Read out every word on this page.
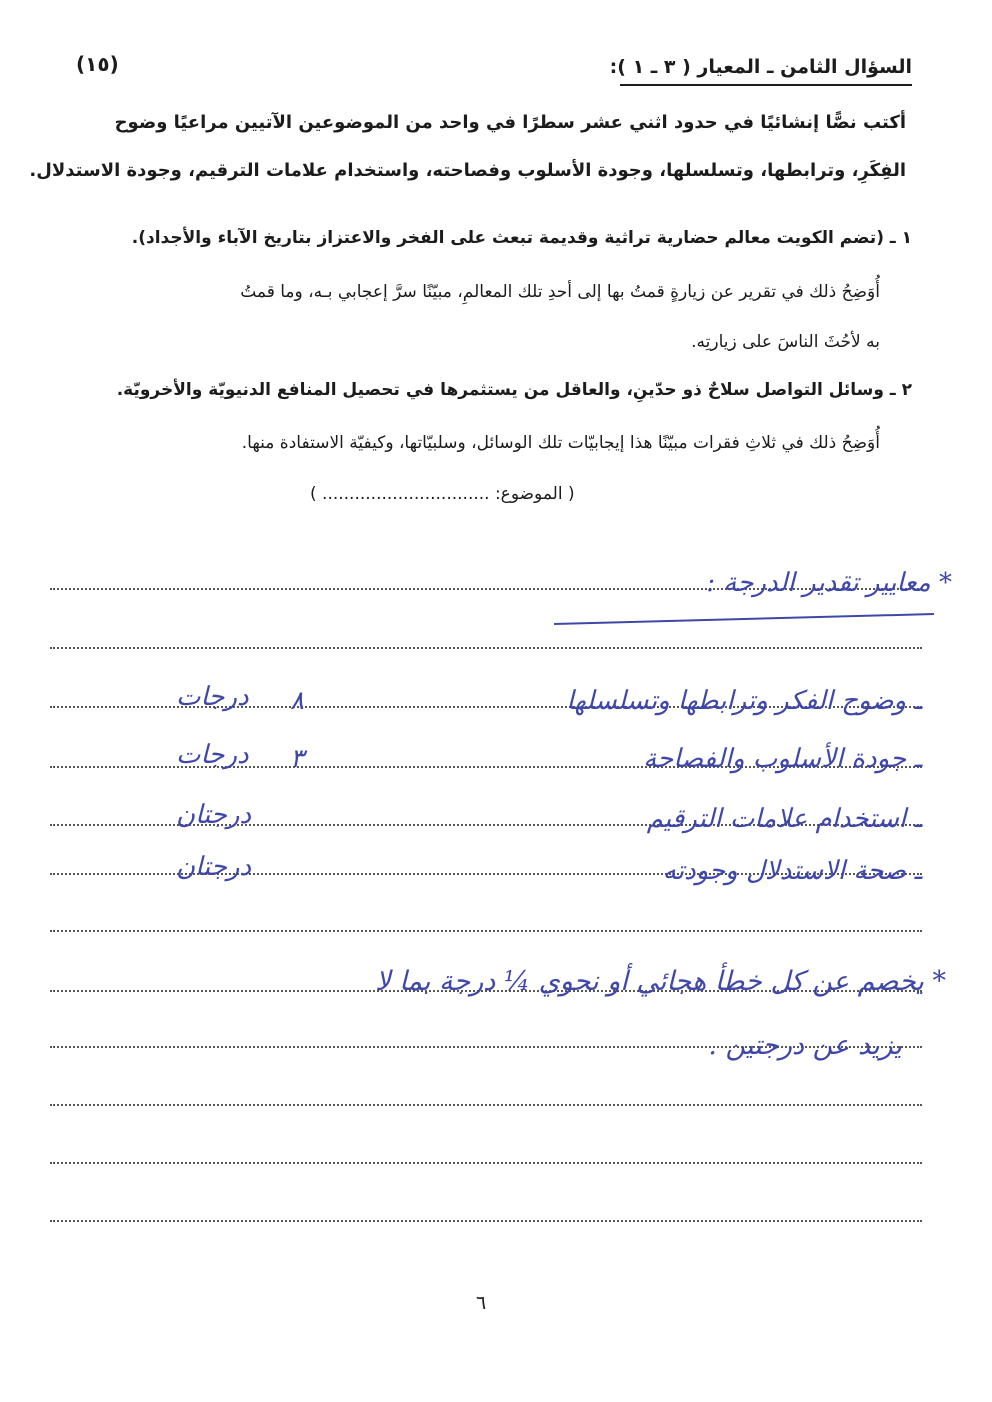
السؤال الثامن ـ المعيار ( ٣ ـ ١ ):
(١٥)
أكتب نصًّا إنشائيًا في حدود اثني عشر سطرًا في واحد من الموضوعين الآتيين مراعيًا وضوح
الفِكَرِ، وترابطها، وتسلسلها، وجودة الأسلوب وفصاحته، واستخدام علامات الترقيم، وجودة الاستدلال.
١ ـ (تضم الكويت معالم حضارية تراثية وقديمة تبعث على الفخر والاعتزاز بتاريخ الآباء والأجداد).
أُوَضِحُ ذلك في تقرير عن زيارةٍ قمتُ بها إلى أحدِ تلك المعالمِ، مبيّنًا سرَّ إعجابي بـه، وما قمتُ
به لأحُثَ الناسَ على زيارتِه.
٢ ـ وسائل التواصل سلاحٌ ذو حدّينِ، والعاقل من يستثمرها في تحصيل المنافع الدنيويّة والأخرويّة.
أُوَضِحُ ذلك في ثلاثِ فقرات مبيّنًا هذا إيجابيّات تلك الوسائل، وسلبيّاتها، وكيفيّة الاستفادة منها.
( الموضوع: ............................... )
* معايير تقدير الدرجة :
ـ وضوح الفكر وترابطها وتسلسلها
٨
درجات
ـ جودة الأسلوب والفصاحة
٣
درجات
ـ استخدام علامات الترقيم
درجتان
ـ صحة الاستدلال وجودته
درجتان
* يخصم عن كل خطأ هجائي أو نحوي ¼ درجة بما لا
يزيد عن درجتين .
٦
